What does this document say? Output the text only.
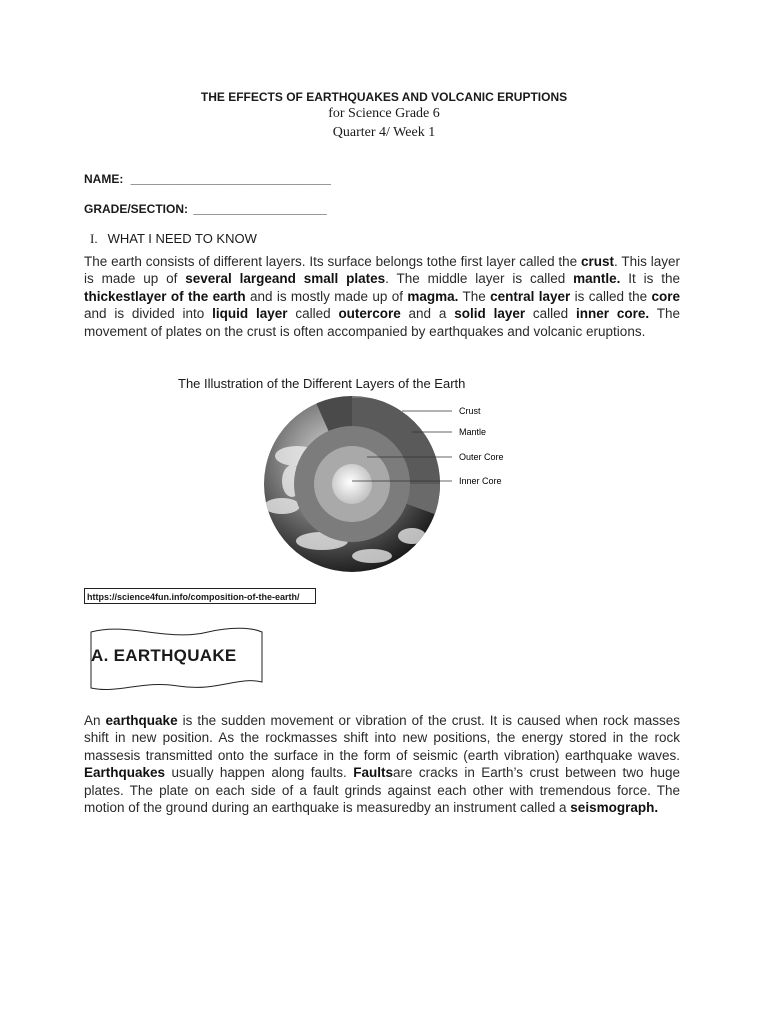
THE EFFECTS OF EARTHQUAKES AND VOLCANIC ERUPTIONS
for Science Grade 6
Quarter 4/ Week 1
NAME: ______________________________
GRADE/SECTION: ____________________
I. WHAT I NEED TO KNOW
The earth consists of different layers. Its surface belongs tothe first layer called the crust. This layer is made up of several largeand small plates. The middle layer is called mantle. It is the thickestlayer of the earth and is mostly made up of magma. The central layer is called the core and is divided into liquid layer called outercore and a solid layer called inner core. The movement of plates on the crust is often accompanied by earthquakes and volcanic eruptions.
The Illustration of the Different Layers of the Earth
Crust
Mantle
Outer Core
Inner Core
https://science4fun.info/composition-of-the-earth/
A. EARTHQUAKE
An earthquake is the sudden movement or vibration of the crust. It is caused when rock masses shift in new position. As the rockmasses shift into new positions, the energy stored in the rock massesis transmitted onto the surface in the form of seismic (earth vibration) earthquake waves. Earthquakes usually happen along faults. Faultsare cracks in Earth’s crust between two huge plates. The plate on each side of a fault grinds against each other with tremendous force. The motion of the ground during an earthquake is measuredby an instrument called a seismograph.
